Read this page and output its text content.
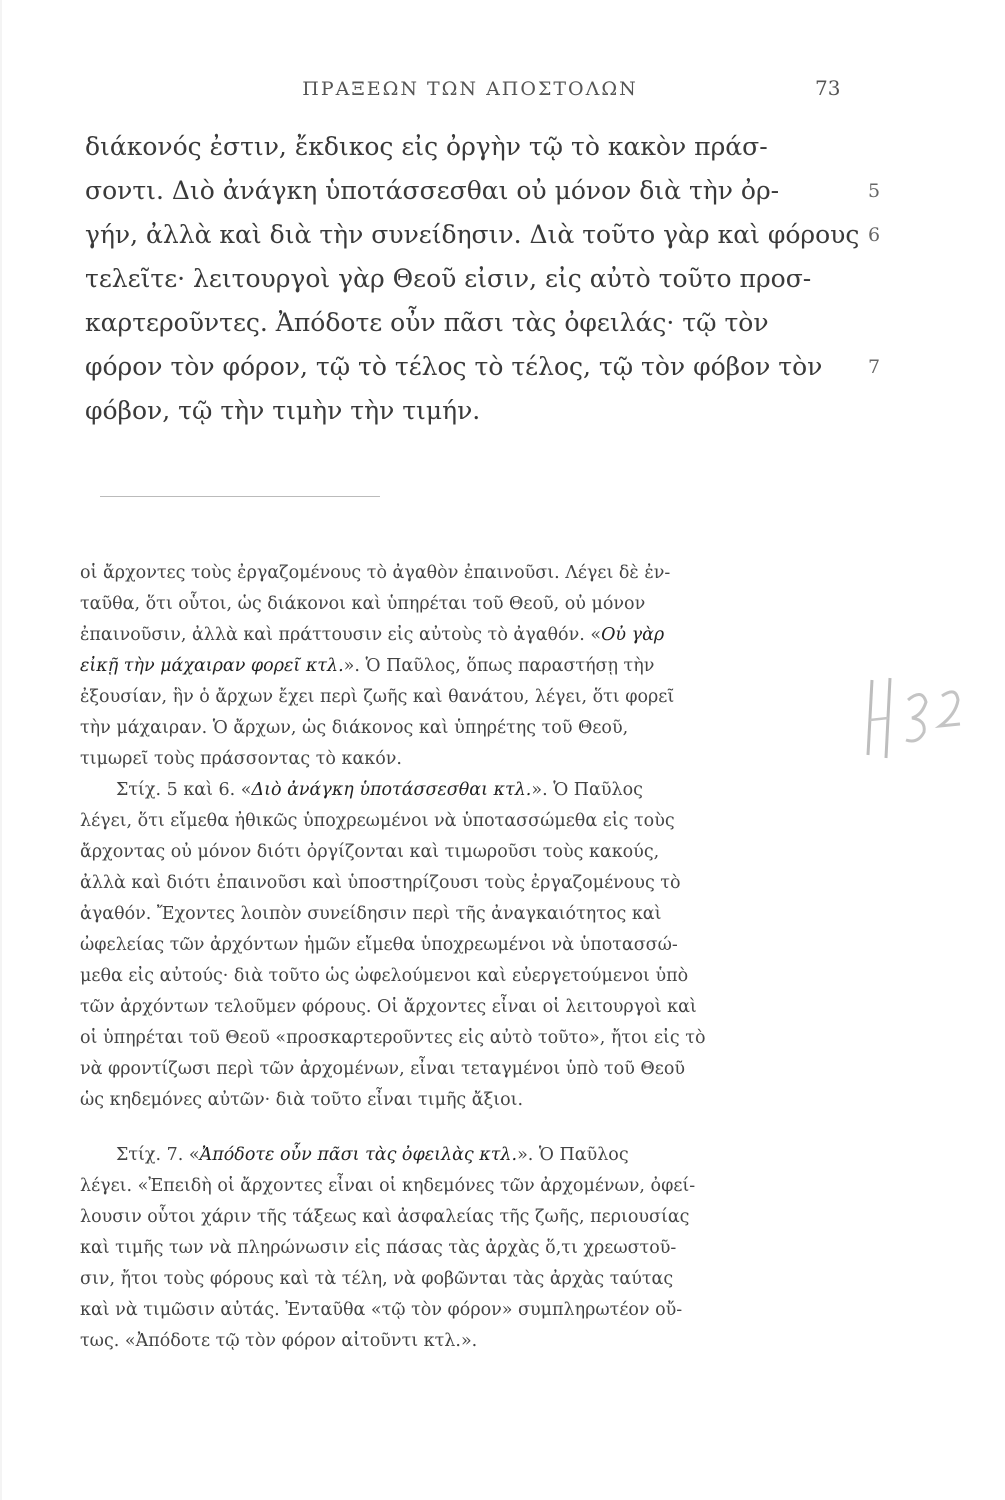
ΠΡΑΞΕΩΝ ΤΩΝ ΑΠΟΣΤΟΛΩΝ	73
διάκονός ἐστιν, ἔκδικος εἰς ὀργὴν τῷ τὸ κακὸν πράσ-
σοντι. Διὸ ἀνάγκη ὑποτάσσεσθαι οὐ μόνον διὰ τὴν ὀρ-
γήν, ἀλλὰ καὶ διὰ τὴν συνείδησιν. Διὰ τοῦτο γὰρ καὶ φόρους
τελεῖτε· λειτουργοὶ γὰρ Θεοῦ εἰσιν, εἰς αὐτὸ τοῦτο προσ-
καρτεροῦντες. Ἀπόδοτε οὖν πᾶσι τὰς ὀφειλάς· τῷ τὸν
φόρον τὸν φόρον, τῷ τὸ τέλος τὸ τέλος, τῷ τὸν φόβον τὸν
φόβον, τῷ τὴν τιμὴν τὴν τιμήν.
5
6
7
οἱ ἄρχοντες τοὺς ἐργαζομένους τὸ ἀγαθὸν ἐπαινοῦσι. Λέγει δὲ ἐν-
ταῦθα, ὅτι οὗτοι, ὡς διάκονοι καὶ ὑπηρέται τοῦ Θεοῦ, οὐ μόνον
ἐπαινοῦσιν, ἀλλὰ καὶ πράττουσιν εἰς αὐτοὺς τὸ ἀγαθόν. «Οὐ γὰρ
εἰκῇ τὴν μάχαιραν φορεῖ κτλ.». Ὁ Παῦλος, ὅπως παραστήσῃ τὴν
ἐξουσίαν, ἣν ὁ ἄρχων ἔχει περὶ ζωῆς καὶ θανάτου, λέγει, ὅτι φορεῖ
τὴν μάχαιραν. Ὁ ἄρχων, ὡς διάκονος καὶ ὑπηρέτης τοῦ Θεοῦ,
τιμωρεῖ τοὺς πράσσοντας τὸ κακόν.
Στίχ. 5 καὶ 6. «Διὸ ἀνάγκη ὑποτάσσεσθαι κτλ.». Ὁ Παῦλος
λέγει, ὅτι εἴμεθα ἠθικῶς ὑποχρεωμένοι νὰ ὑποτασσώμεθα εἰς τοὺς
ἄρχοντας οὐ μόνον διότι ὀργίζονται καὶ τιμωροῦσι τοὺς κακούς,
ἀλλὰ καὶ διότι ἐπαινοῦσι καὶ ὑποστηρίζουσι τοὺς ἐργαζομένους τὸ
ἀγαθόν. Ἔχοντες λοιπὸν συνείδησιν περὶ τῆς ἀναγκαιότητος καὶ
ὠφελείας τῶν ἀρχόντων ἡμῶν εἴμεθα ὑποχρεωμένοι νὰ ὑποτασσώ-
μεθα εἰς αὐτούς· διὰ τοῦτο ὡς ὠφελούμενοι καὶ εὐεργετούμενοι ὑπὸ
τῶν ἀρχόντων τελοῦμεν φόρους. Οἱ ἄρχοντες εἶναι οἱ λειτουργοὶ καὶ
οἱ ὑπηρέται τοῦ Θεοῦ «προσκαρτεροῦντες εἰς αὐτὸ τοῦτο», ἤτοι εἰς τὸ
νὰ φροντίζωσι περὶ τῶν ἀρχομένων, εἶναι τεταγμένοι ὑπὸ τοῦ Θεοῦ
ὡς κηδεμόνες αὐτῶν· διὰ τοῦτο εἶναι τιμῆς ἄξιοι.
Στίχ. 7. «Ἀπόδοτε οὖν πᾶσι τὰς ὀφειλὰς κτλ.». Ὁ Παῦλος
λέγει. «Ἐπειδὴ οἱ ἄρχοντες εἶναι οἱ κηδεμόνες τῶν ἀρχομένων, ὀφεί-
λουσιν οὗτοι χάριν τῆς τάξεως καὶ ἀσφαλείας τῆς ζωῆς, περιουσίας
καὶ τιμῆς των νὰ πληρώνωσιν εἰς πάσας τὰς ἀρχὰς ὅ,τι χρεωστοῦ-
σιν, ἤτοι τοὺς φόρους καὶ τὰ τέλη, νὰ φοβῶνται τὰς ἀρχὰς ταύτας
καὶ νὰ τιμῶσιν αὐτάς. Ἐνταῦθα «τῷ τὸν φόρον» συμπληρωτέον οὔ-
τως. «Ἀπόδοτε τῷ τὸν φόρον αἰτοῦντι κτλ.».
